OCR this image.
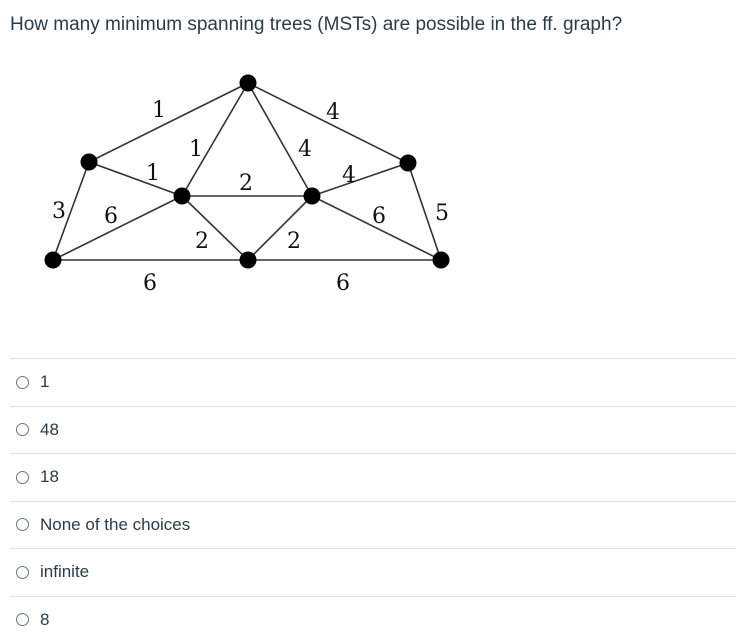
How many minimum spanning trees (MSTs) are possible in the ff. graph?
1	4
1	4
1	2	4
3 6	6 5
2	2
6	6
1
48
18
None of the choices
infinite
8
